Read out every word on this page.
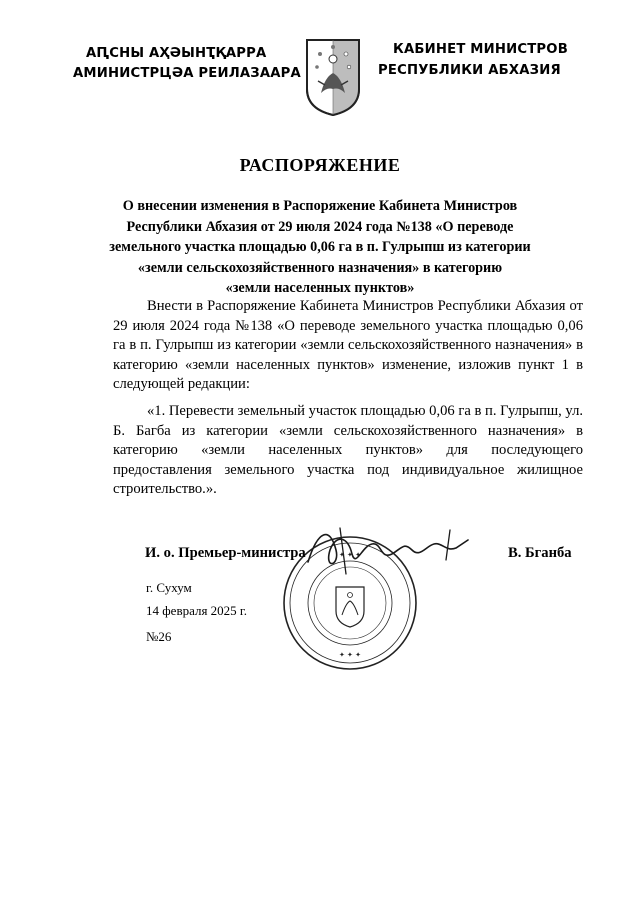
АԤСНЫ АҲӘЫНҬҚАРРА
АМИНИСТРЦӘА РЕИЛАЗААРА
КАБИНЕТ МИНИСТРОВ
РЕСПУБЛИКИ АБХАЗИЯ
РАСПОРЯЖЕНИЕ
О внесении изменения в Распоряжение Кабинета Министров
Республики Абхазия от 29 июля 2024 года №138 «О переводе
земельного участка площадью 0,06 га в п. Гулрыпш из категории
«земли сельскохозяйственного назначения» в категорию
«земли населенных пунктов»
Внести в Распоряжение Кабинета Министров Республики Абхазия от 29 июля 2024 года №138 «О переводе земельного участка площадью 0,06 га в п. Гулрыпш из категории «земли сельскохозяйственного назначения» в категорию «земли населенных пунктов» изменение, изложив пункт 1 в следующей редакции:
«1. Перевести земельный участок площадью 0,06 га в п. Гулрыпш, ул. Б. Багба из категории «земли сельскохозяйственного назначения» в категорию «земли населенных пунктов» для последующего предоставления земельного участка под индивидуальное жилищное строительство.».
✦ ✦ ✦
✦ ✦ ✦
И. о. Премьер-министра	В. Бганба
г. Сухум
14 февраля 2025 г.
№26
